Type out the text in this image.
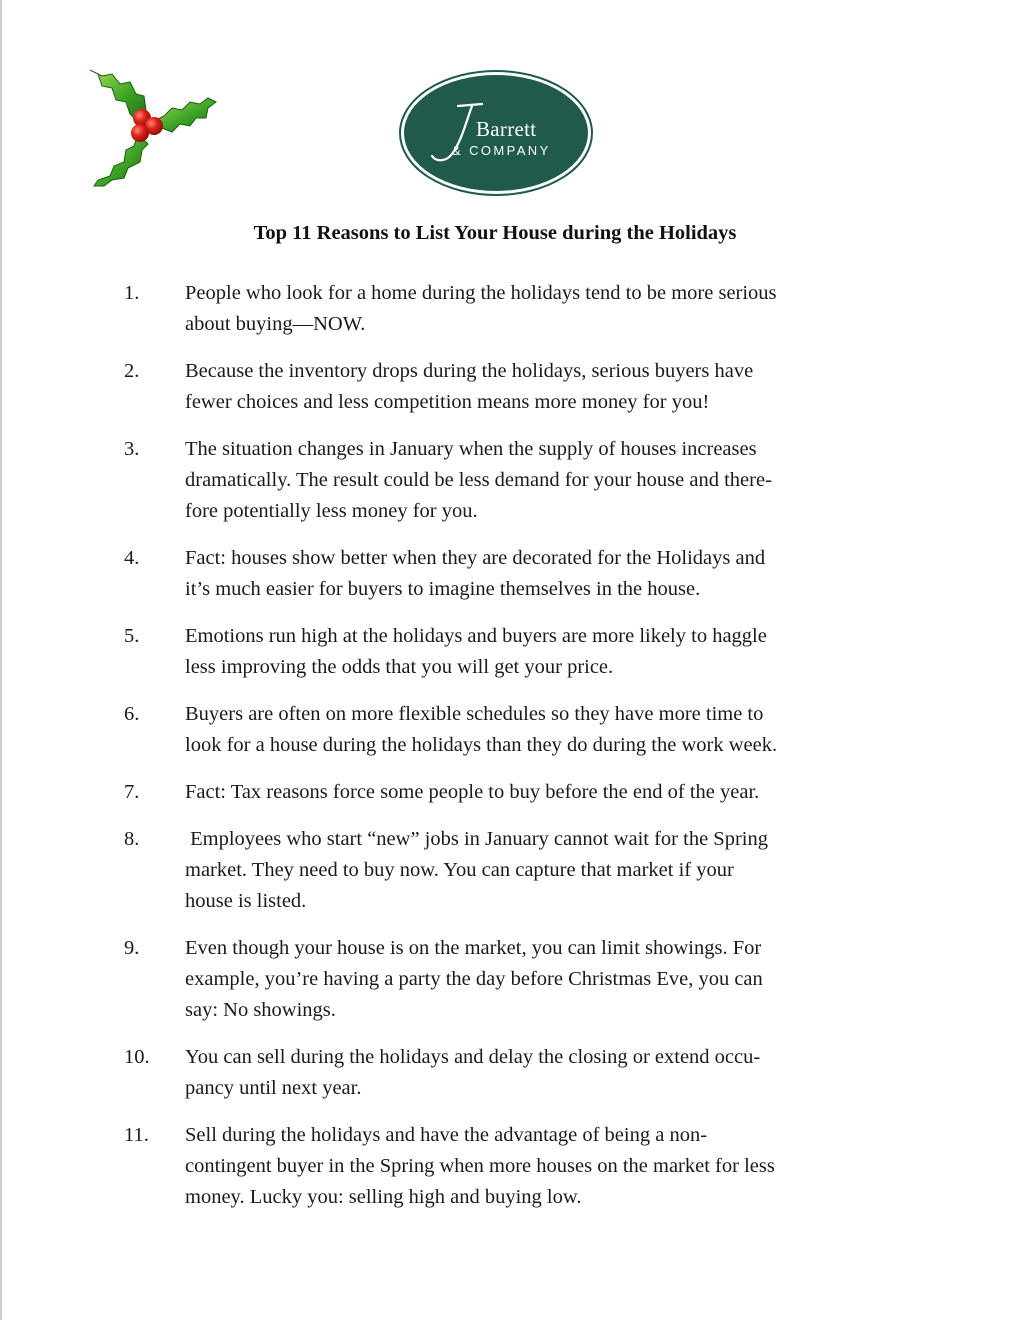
Barrett
& COMPANY
Top 11 Reasons to List Your House during the Holidays
1.	People who look for a home during the holidays tend to be more serious
about buying—NOW.
2.	Because the inventory drops during the holidays, serious buyers have
fewer choices and less competition means more money for you!
3.	The situation changes in January when the supply of houses increases
dramatically. The result could be less demand for your house and there-
fore potentially less money for you.
4.	Fact: houses show better when they are decorated for the Holidays and
it’s much easier for buyers to imagine themselves in the house.
5.	Emotions run high at the holidays and buyers are more likely to haggle
less improving the odds that you will get your price.
6.	Buyers are often on more flexible schedules so they have more time to
look for a house during the holidays than they do during the work week.
7.	Fact: Tax reasons force some people to buy before the end of the year.
8.	Employees who start “new” jobs in January cannot wait for the Spring
market. They need to buy now. You can capture that market if your
house is listed.
9.	Even though your house is on the market, you can limit showings. For
example, you’re having a party the day before Christmas Eve, you can
say: No showings.
10.	You can sell during the holidays and delay the closing or extend occu-
pancy until next year.
11.	Sell during the holidays and have the advantage of being a non-
contingent buyer in the Spring when more houses on the market for less
money. Lucky you: selling high and buying low.
